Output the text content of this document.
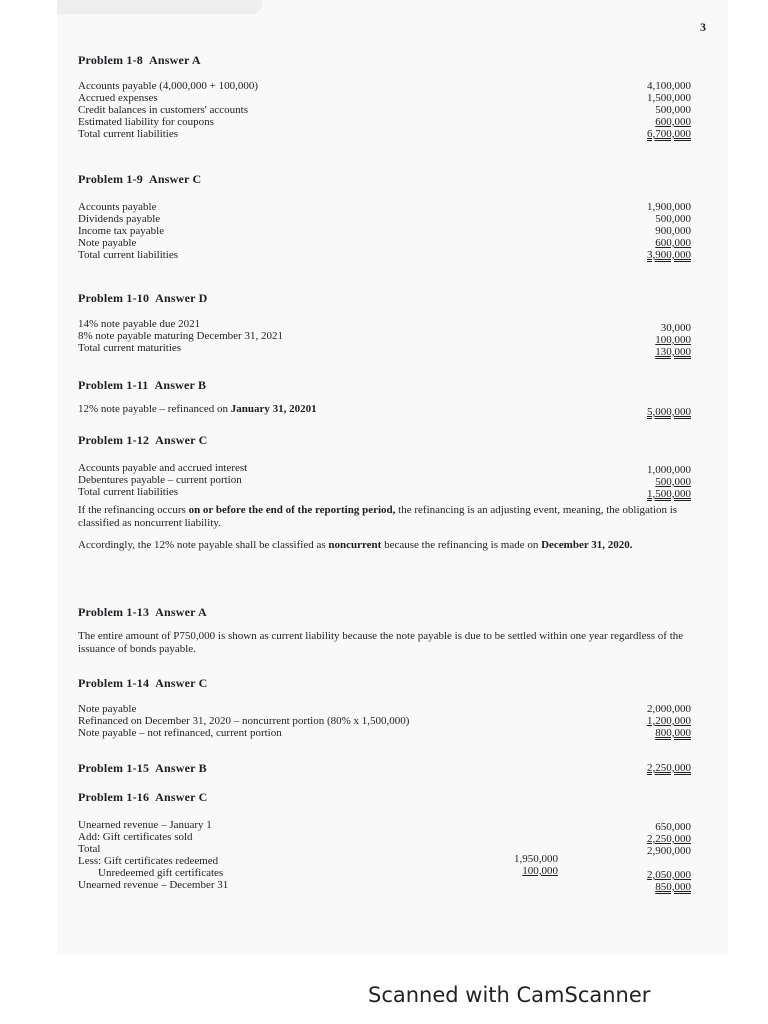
3
Problem 1-8 Answer A
Accounts payable (4,000,000 + 100,000)	4,100,000
Accrued expenses	1,500,000
Credit balances in customers' accounts	500,000
Estimated liability for coupons	600,000
Total current liabilities	6,700,000
Problem 1-9 Answer C
Accounts payable	1,900,000
Dividends payable	500,000
Income tax payable	900,000
Note payable	600,000
Total current liabilities	3,900,000
Problem 1-10 Answer D
14% note payable due 2021	30,000
8% note payable maturing December 31, 2021	100,000
Total current maturities	130,000
Problem 1-11 Answer B
12% note payable – refinanced on January 31, 20201	5,000,000
Problem 1-12 Answer C
Accounts payable and accrued interest	1,000,000
Debentures payable – current portion	500,000
Total current liabilities	1,500,000
If the refinancing occurs on or before the end of the reporting period, the refinancing is an adjusting event, meaning, the obligation is classified as noncurrent liability.
Accordingly, the 12% note payable shall be classified as noncurrent because the refinancing is made on December 31, 2020.
Problem 1-13 Answer A
The entire amount of P750,000 is shown as current liability because the note payable is due to be settled within one year regardless of the issuance of bonds payable.
Problem 1-14 Answer C
Note payable	2,000,000
Refinanced on December 31, 2020 – noncurrent portion (80% x 1,500,000)	1,200,000
Note payable – not refinanced, current portion	800,000
Problem 1-15 Answer B	2,250,000
Problem 1-16 Answer C
Unearned revenue – January 1	650,000
Add: Gift certificates sold	2,250,000
Total	2,900,000
Less: Gift certificates redeemed	1,950,000
Unredeemed gift certificates	100,000	2,050,000
Unearned revenue – December 31	850,000
Scanned with CamScanner
